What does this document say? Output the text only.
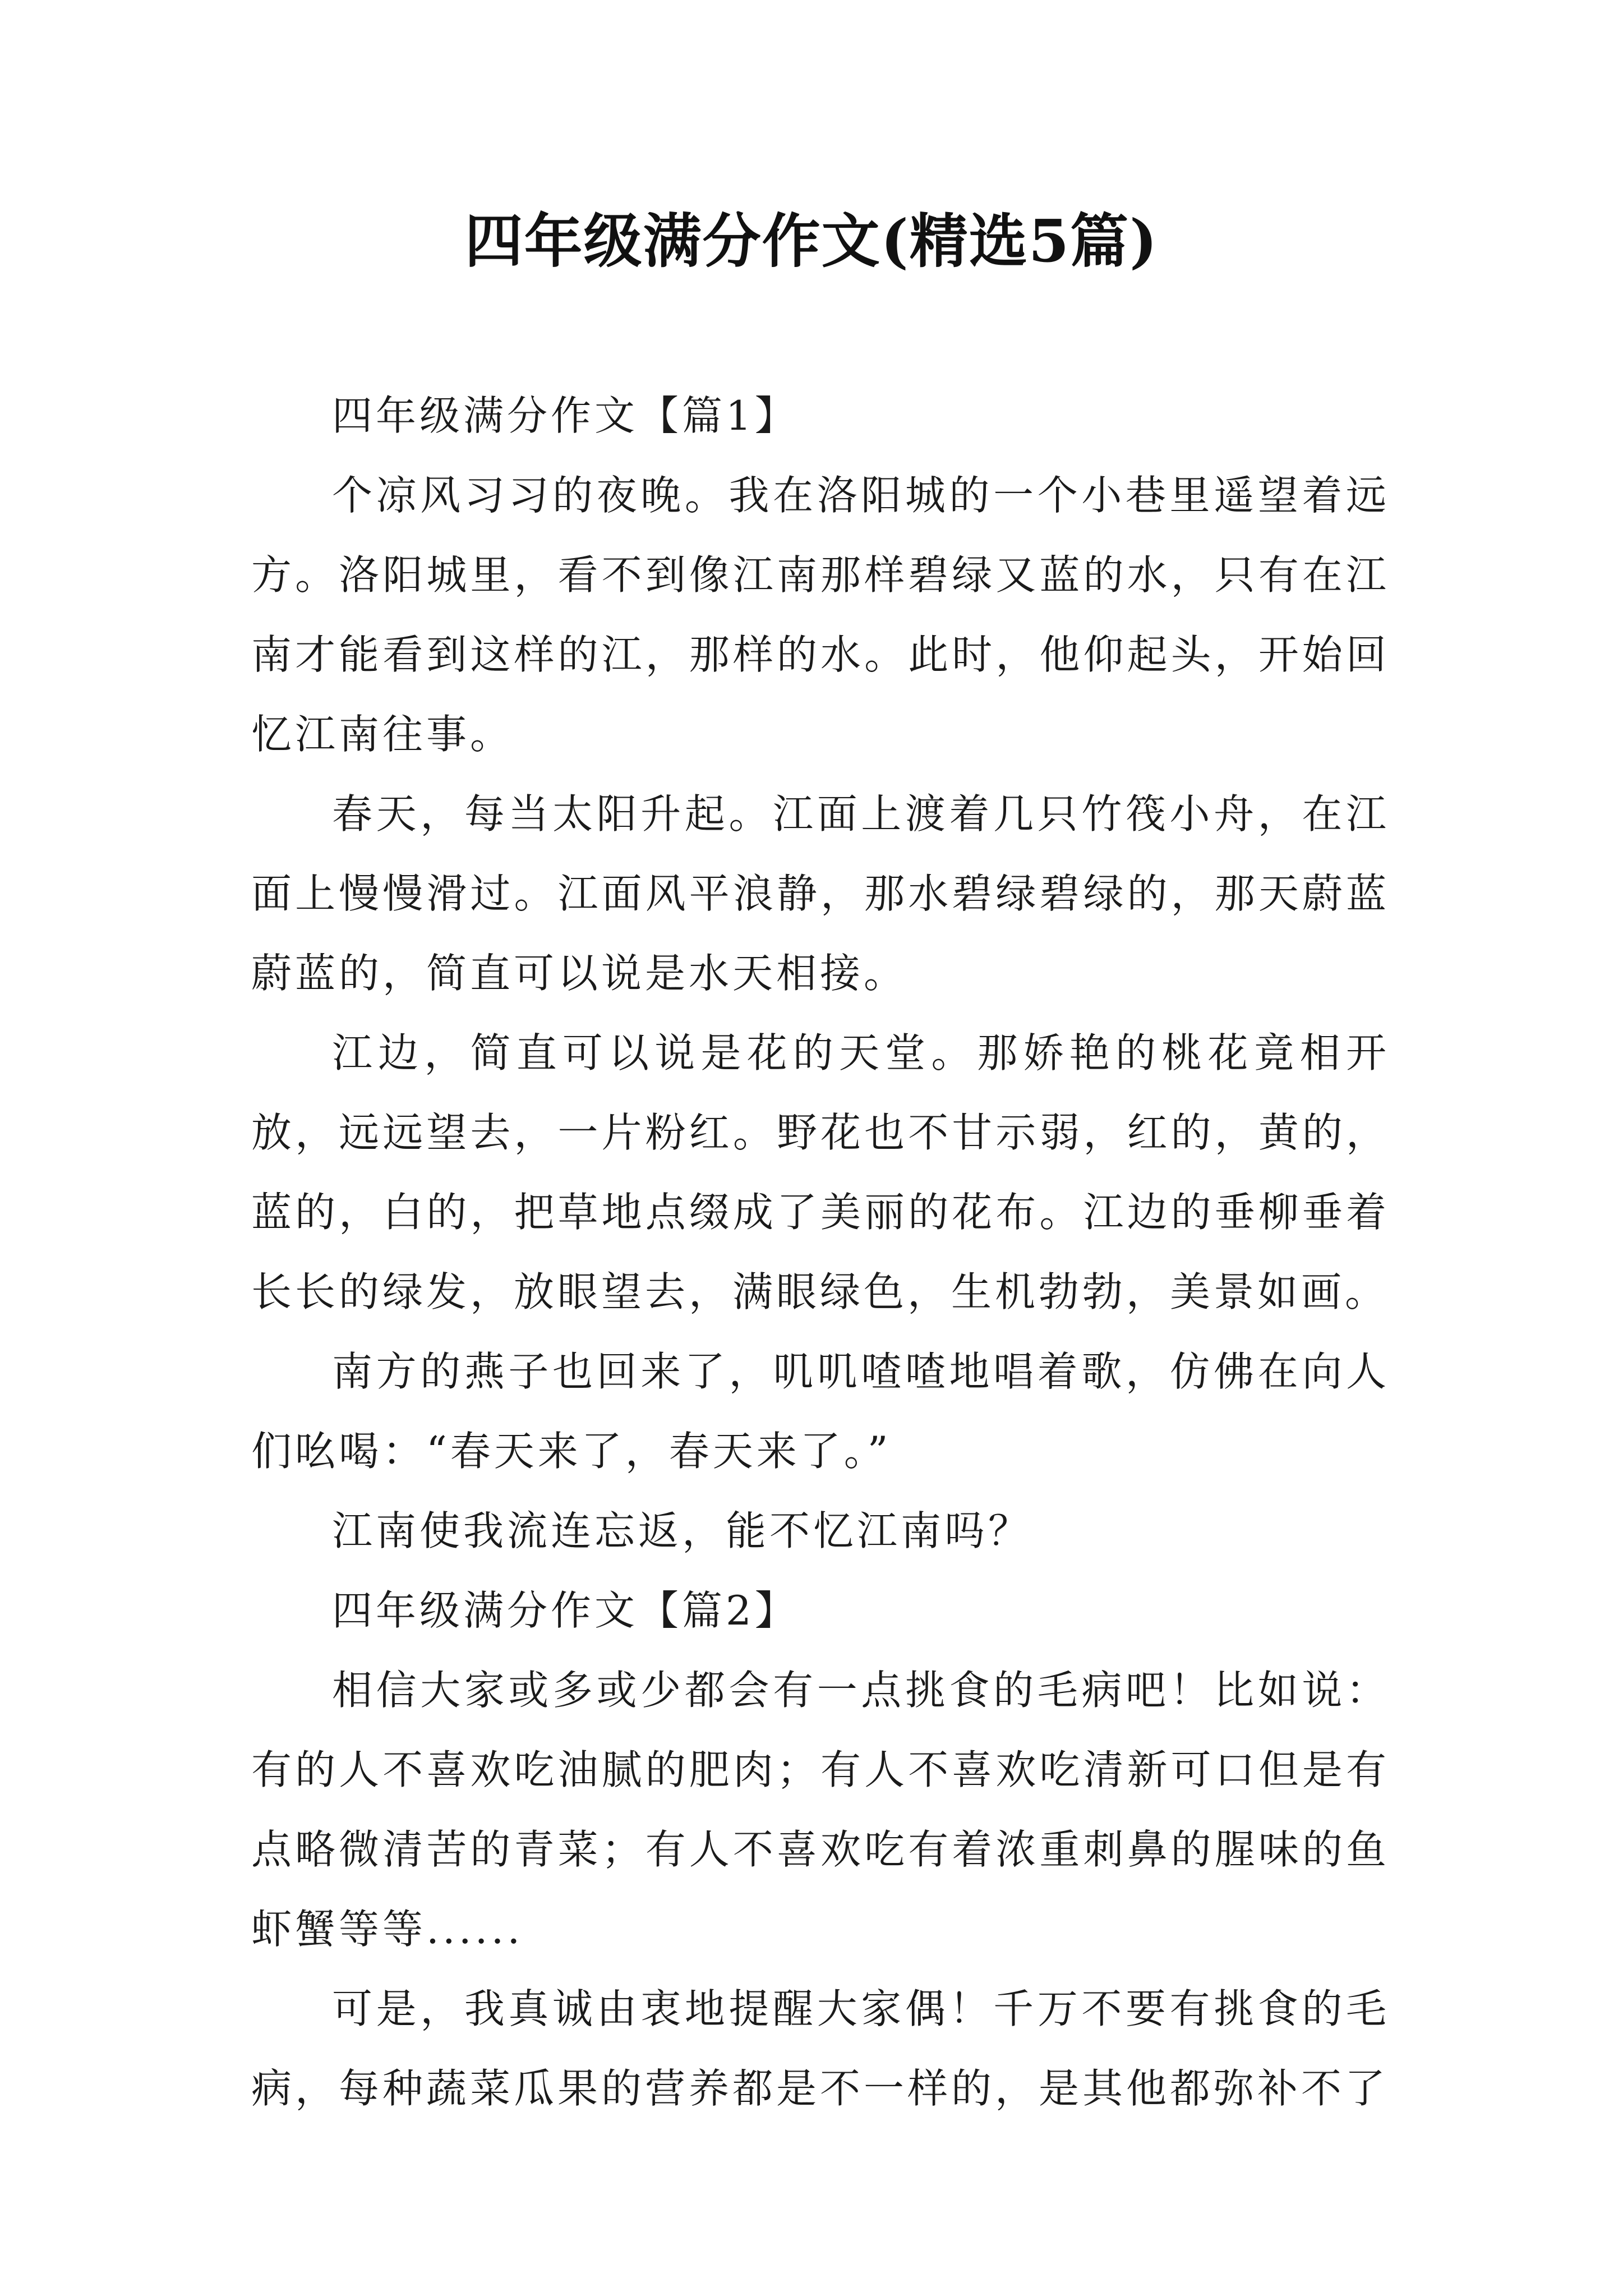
四年级满分作文(精选5篇)

四年级满分作文【篇1】

个凉风习习的夜晚。我在洛阳城的一个小巷里遥望着远方。洛阳城里，看不到像江南那样碧绿又蓝的水，只有在江南才能看到这样的江，那样的水。此时，他仰起头，开始回忆江南往事。

春天，每当太阳升起。江面上渡着几只竹筏小舟，在江面上慢慢滑过。江面风平浪静，那水碧绿碧绿的，那天蔚蓝蔚蓝的，简直可以说是水天相接。

江边，简直可以说是花的天堂。那娇艳的桃花竟相开放，远远望去，一片粉红。野花也不甘示弱，红的，黄的，蓝的，白的，把草地点缀成了美丽的花布。江边的垂柳垂着长长的绿发，放眼望去，满眼绿色，生机勃勃，美景如画。

南方的燕子也回来了，叽叽喳喳地唱着歌，仿佛在向人们吆喝：“春天来了，春天来了。”

江南使我流连忘返，能不忆江南吗？

四年级满分作文【篇2】

相信大家或多或少都会有一点挑食的毛病吧！比如说：有的人不喜欢吃油腻的肥肉；有人不喜欢吃清新可口但是有点略微清苦的青菜；有人不喜欢吃有着浓重刺鼻的腥味的鱼虾蟹等等......

可是，我真诚由衷地提醒大家偶！千万不要有挑食的毛病，每种蔬菜瓜果的营养都是不一样的，是其他都弥补不了
